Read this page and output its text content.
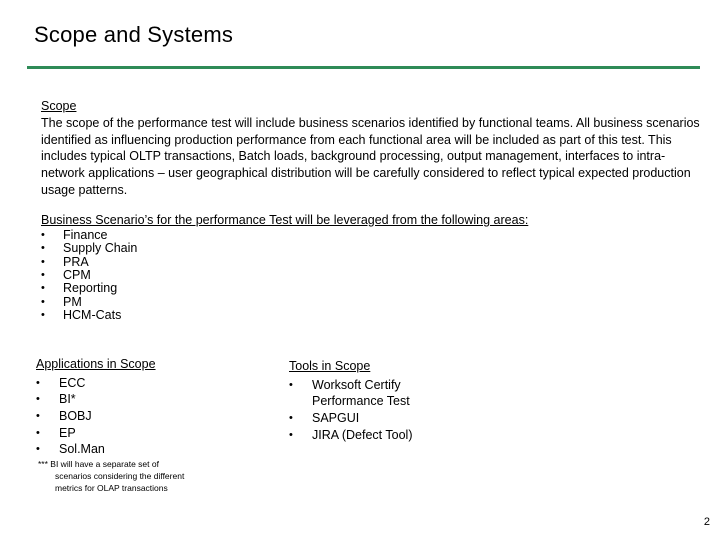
Scope and Systems
Scope

The scope of the performance test will include business scenarios identified by functional teams. All business scenarios identified as influencing production performance from each functional area will be included as part of this test. This includes typical OLTP transactions, Batch loads, background processing, output management, interfaces to intra-network applications – user geographical distribution will be carefully considered to reflect typical expected production usage patterns.

Business Scenario’s for the performance Test will be leveraged from the following areas:
• Finance
• Supply Chain
• PRA
• CPM
• Reporting
• PM
• HCM-Cats
Applications in Scope
• ECC
• BI*
• BOBJ
• EP
• Sol.Man
*** BI will have a separate set of
scenarios considering the different
metrics for OLAP transactions
Tools in Scope
• Worksoft Certify Performance Test
• SAPGUI
• JIRA (Defect Tool)
2
